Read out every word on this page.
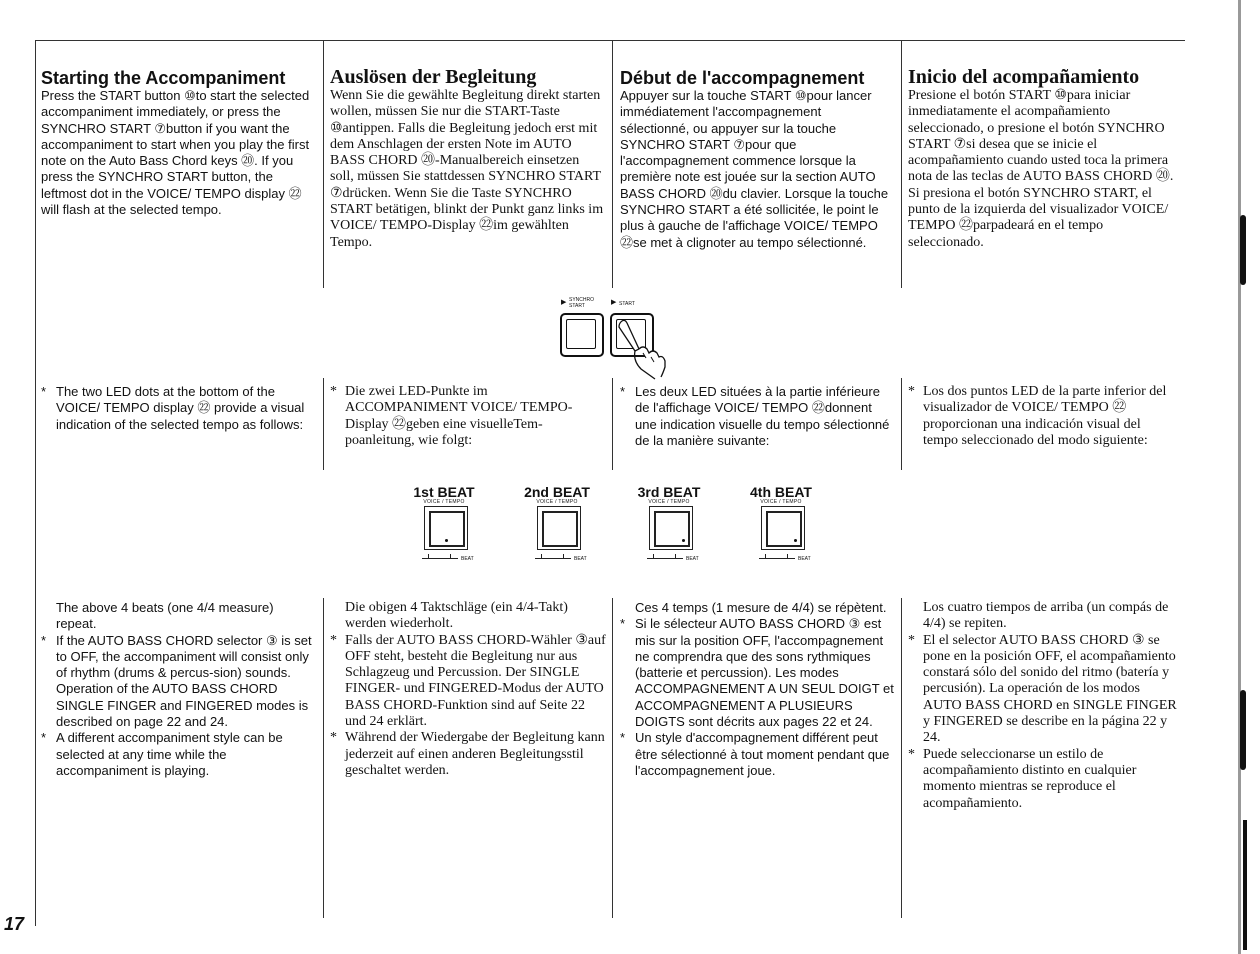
Starting the Accompaniment

Press the START button ⑩to start the selected accompaniment immediately, or press the SYNCHRO START ⑦button if you want the accompaniment to start when you play the first note on the Auto Bass Chord keys ⑳. If you press the SYNCHRO START button, the leftmost dot in the VOICE/ TEMPO display ㉒will flash at the selected tempo.

* The two LED dots at the bottom of the VOICE/ TEMPO display ㉒ provide a visual indication of the selected tempo as follows:

The above 4 beats (one 4/4 measure) repeat.

* If the AUTO BASS CHORD selector ③ is set to OFF, the accompaniment will consist only of rhythm (drums & percus-sion) sounds. Operation of the AUTO BASS CHORD SINGLE FINGER and FINGERED modes is described on page 22 and 24.
* A different accompaniment style can be selected at any time while the accompaniment is playing.
Auslösen der Begleitung

Wenn Sie die gewählte Begleitung direkt starten wollen, müssen Sie nur die START-Taste ⑩antippen. Falls die Begleitung jedoch erst mit dem Anschlagen der ersten Note im AUTO BASS CHORD ⑳-Manualbereich einsetzen soll, müssen Sie stattdessen SYNCHRO START ⑦drücken. Wenn Sie die Taste SYNCHRO START betätigen, blinkt der Punkt ganz links im VOICE/ TEMPO-Display ㉒im gewählten Tempo.

* Die zwei LED-Punkte im ACCOMPANIMENT VOICE/ TEMPO-Display ㉒geben eine visuelleTem-poanleitung, wie folgt:

Die obigen 4 Taktschläge (ein 4/4-Takt) werden wiederholt.

* Falls der AUTO BASS CHORD-Wähler ③auf OFF steht, besteht die Begleitung nur aus Schlagzeug und Percussion. Der SINGLE FINGER- und FINGERED-Modus der AUTO BASS CHORD-Funktion sind auf Seite 22 und 24 erklärt.
* Während der Wiedergabe der Begleitung kann jederzeit auf einen anderen Begleitungsstil geschaltet werden.
Début de l'accompagnement

Appuyer sur la touche START ⑩pour lancer immédiatement l'accompagnement sélectionné, ou appuyer sur la touche SYNCHRO START ⑦pour que l'accompagnement commence lorsque la première note est jouée sur la section AUTO BASS CHORD ⑳du clavier. Lorsque la touche SYNCHRO START a été sollicitée, le point le plus à gauche de l'affichage VOICE/ TEMPO ㉒se met à clignoter au tempo sélectionné.

* Les deux LED situées à la partie inférieure de l'affichage VOICE/ TEMPO ㉒donnent une indication visuelle du tempo sélectionné de la manière suivante:

Ces 4 temps (1 mesure de 4/4) se répètent.

* Si le sélecteur AUTO BASS CHORD ③ est mis sur la position OFF, l'accompagnement ne comprendra que des sons rythmiques (batterie et percussion). Les modes ACCOMPAGNEMENT A UN SEUL DOIGT et ACCOMPAGNEMENT A PLUSIEURS DOIGTS sont décrits aux pages 22 et 24.
* Un style d'accompagnement différent peut être sélectionné à tout moment pendant que l'accompagnement joue.
Inicio del acompañamiento

Presione el botón START ⑩para iniciar inmediatamente el acompañamiento seleccionado, o presione el botón SYNCHRO START ⑦si desea que se inicie el acompañamiento cuando usted toca la primera nota de las teclas de AUTO BASS CHORD ⑳. Si presiona el botón SYNCHRO START, el punto de la izquierda del visualizador VOICE/ TEMPO ㉒parpadeará en el tempo seleccionado.

* Los dos puntos LED de la parte inferior del visualizador de VOICE/ TEMPO ㉒proporcionan una indicación visual del tempo seleccionado del modo siguiente:

Los cuatro tiempos de arriba (un compás de 4/4) se repiten.

* El el selector AUTO BASS CHORD ③ se pone en la posición OFF, el acompañamiento constará sólo del sonido del ritmo (batería y percusión). La operación de los modos AUTO BASS CHORD en SINGLE FINGER y FINGERED se describe en la página 22 y 24.
* Puede seleccionarse un estilo de acompañamiento distinto en cualquier momento mientras se reproduce el acompañamiento.
▶ SYNCHRO
START	▶ START
1st BEAT
VOICE / TEMPO
BEAT
2nd BEAT
VOICE / TEMPO
BEAT
3rd BEAT
VOICE / TEMPO
BEAT
4th BEAT
VOICE / TEMPO
BEAT
17
